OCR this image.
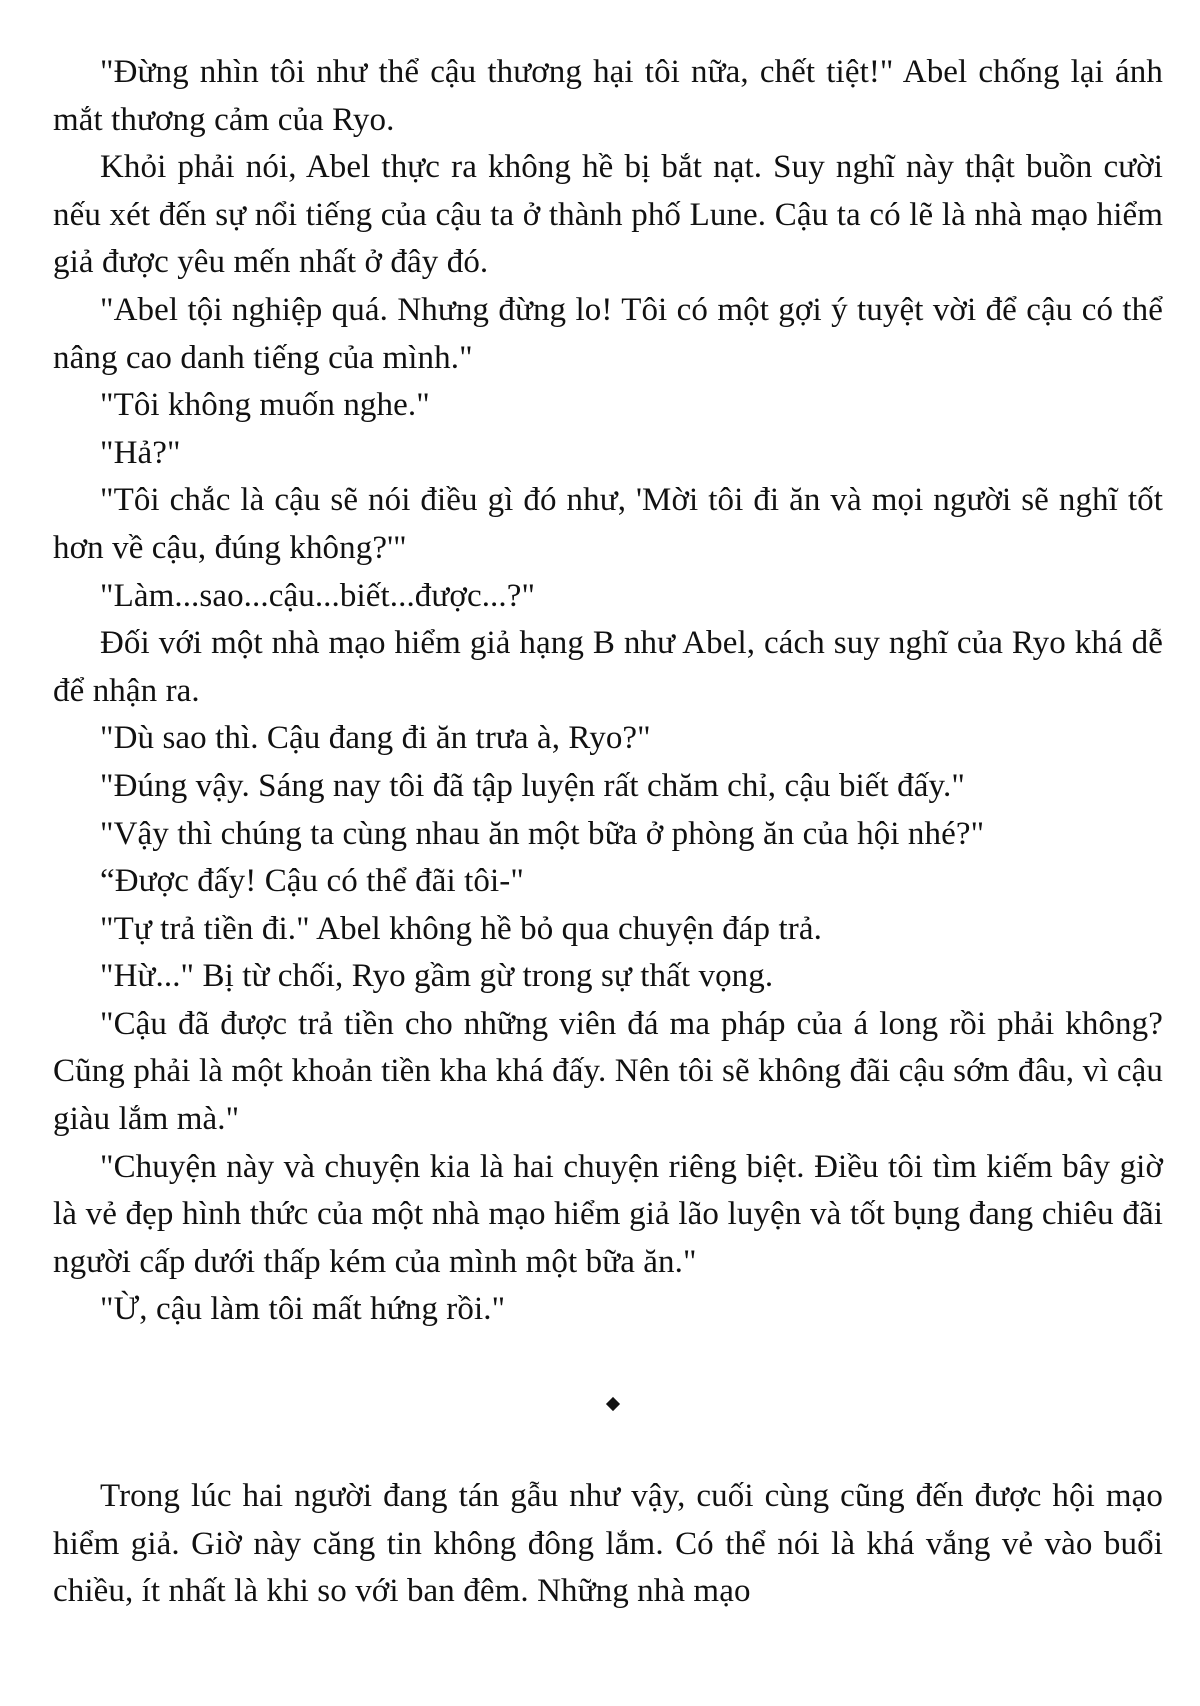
"Đừng nhìn tôi như thể cậu thương hại tôi nữa, chết tiệt!" Abel chống lại ánh mắt thương cảm của Ryo.

Khỏi phải nói, Abel thực ra không hề bị bắt nạt. Suy nghĩ này thật buồn cười nếu xét đến sự nổi tiếng của cậu ta ở thành phố Lune. Cậu ta có lẽ là nhà mạo hiểm giả được yêu mến nhất ở đây đó.

"Abel tội nghiệp quá. Nhưng đừng lo! Tôi có một gợi ý tuyệt vời để cậu có thể nâng cao danh tiếng của mình."

"Tôi không muốn nghe."

"Hả?"

"Tôi chắc là cậu sẽ nói điều gì đó như, 'Mời tôi đi ăn và mọi người sẽ nghĩ tốt hơn về cậu, đúng không?'"

"Làm...sao...cậu...biết...được...?"

Đối với một nhà mạo hiểm giả hạng B như Abel, cách suy nghĩ của Ryo khá dễ để nhận ra.

"Dù sao thì. Cậu đang đi ăn trưa à, Ryo?"

"Đúng vậy. Sáng nay tôi đã tập luyện rất chăm chỉ, cậu biết đấy."

"Vậy thì chúng ta cùng nhau ăn một bữa ở phòng ăn của hội nhé?"

“Được đấy! Cậu có thể đãi tôi-"

"Tự trả tiền đi." Abel không hề bỏ qua chuyện đáp trả.

"Hừ..." Bị từ chối, Ryo gầm gừ trong sự thất vọng.

"Cậu đã được trả tiền cho những viên đá ma pháp của á long rồi phải không? Cũng phải là một khoản tiền kha khá đấy. Nên tôi sẽ không đãi cậu sớm đâu, vì cậu giàu lắm mà."

"Chuyện này và chuyện kia là hai chuyện riêng biệt. Điều tôi tìm kiếm bây giờ là vẻ đẹp hình thức của một nhà mạo hiểm giả lão luyện và tốt bụng đang chiêu đãi người cấp dưới thấp kém của mình một bữa ăn."

"Ừ, cậu làm tôi mất hứng rồi."

Trong lúc hai người đang tán gẫu như vậy, cuối cùng cũng đến được hội mạo hiểm giả. Giờ này căng tin không đông lắm. Có thể nói là khá vắng vẻ vào buổi chiều, ít nhất là khi so với ban đêm. Những nhà mạo
